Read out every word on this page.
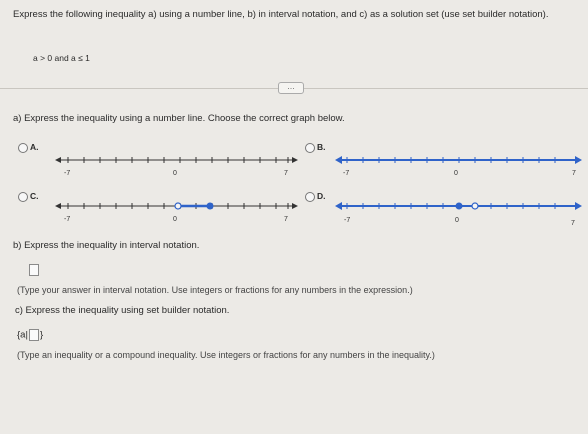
Express the following inequality a) using a number line, b) in interval notation, and c) as a solution set (use set builder notation).
a > 0 and a ≤ 1
…
a) Express the inequality using a number line. Choose the correct graph below.
A.
-7	0	7
B.
-7	0	7
C.
-7	0	7
D.
-7	0	7
b) Express the inequality in interval notation.
(Type your answer in interval notation. Use integers or fractions for any numbers in the expression.)
c) Express the inequality using set builder notation.
{a| }
(Type an inequality or a compound inequality. Use integers or fractions for any numbers in the inequality.)
